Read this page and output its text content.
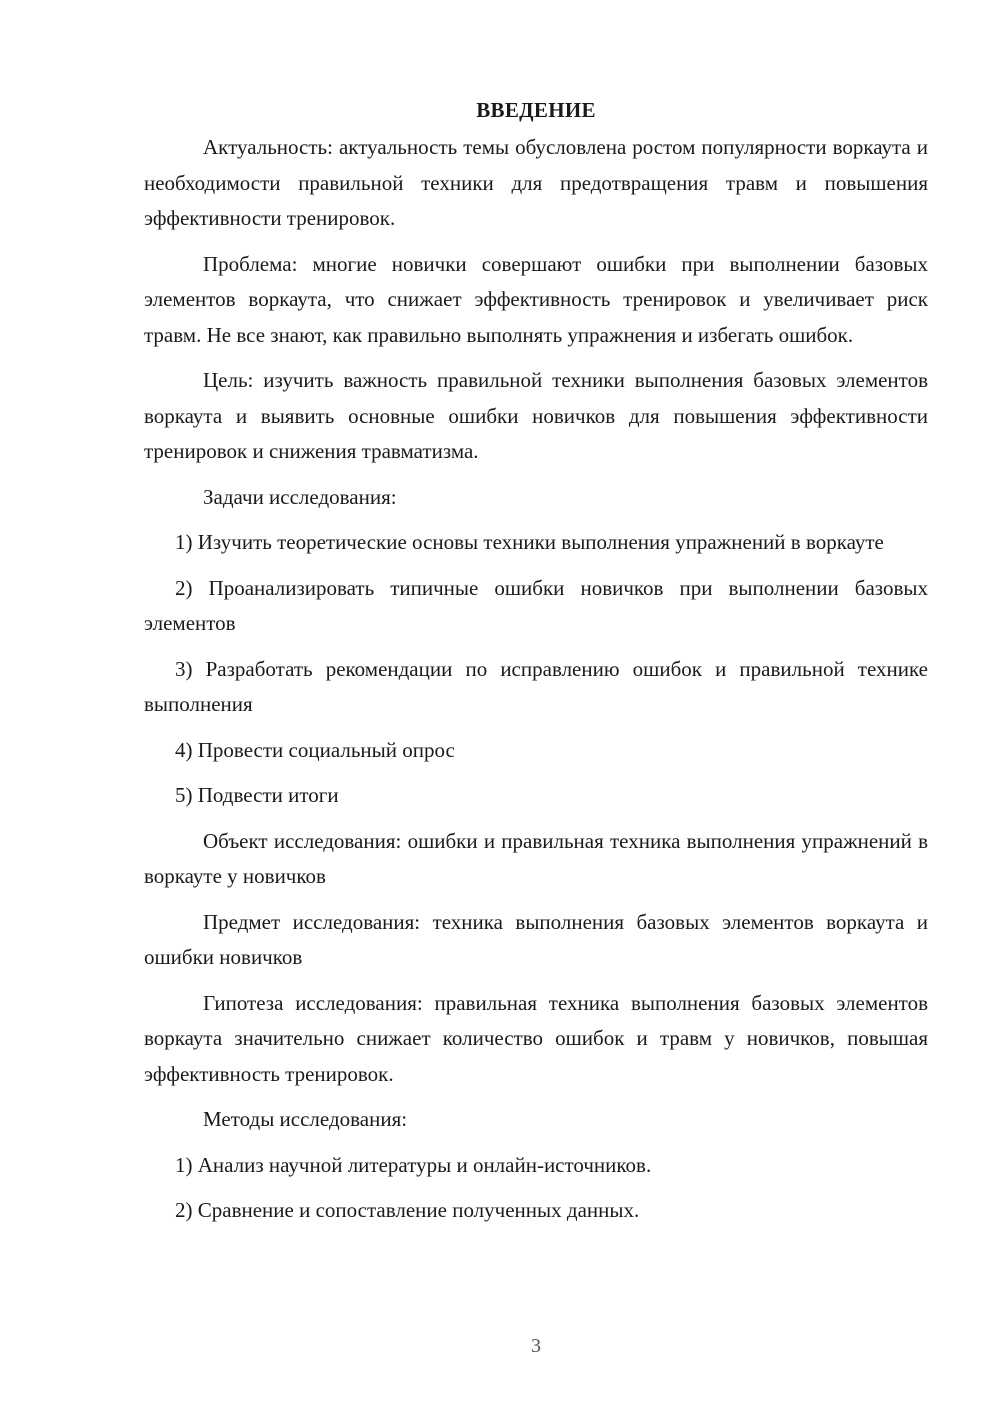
ВВЕДЕНИЕ

Актуальность: актуальность темы обусловлена ростом популярности воркаута и необходимости правильной техники для предотвращения травм и повышения эффективности тренировок.

Проблема: многие новички совершают ошибки при выполнении базовых элементов воркаута, что снижает эффективность тренировок и увеличивает риск травм. Не все знают, как правильно выполнять упражнения и избегать ошибок.

Цель: изучить важность правильной техники выполнения базовых элементов воркаута и выявить основные ошибки новичков для повышения эффективности тренировок и снижения травматизма.

Задачи исследования:

1) Изучить теоретические основы техники выполнения упражнений в воркауте

2) Проанализировать типичные ошибки новичков при выполнении базовых элементов

3) Разработать рекомендации по исправлению ошибок и правильной технике выполнения

4) Провести социальный опрос

5) Подвести итоги

Объект исследования: ошибки и правильная техника выполнения упражнений в воркауте у новичков

Предмет исследования: техника выполнения базовых элементов воркаута и ошибки новичков

Гипотеза исследования: правильная техника выполнения базовых элементов воркаута значительно снижает количество ошибок и травм у новичков, повышая эффективность тренировок.

Методы исследования:

1) Анализ научной литературы и онлайн-источников.

2) Сравнение и сопоставление полученных данных.

3
